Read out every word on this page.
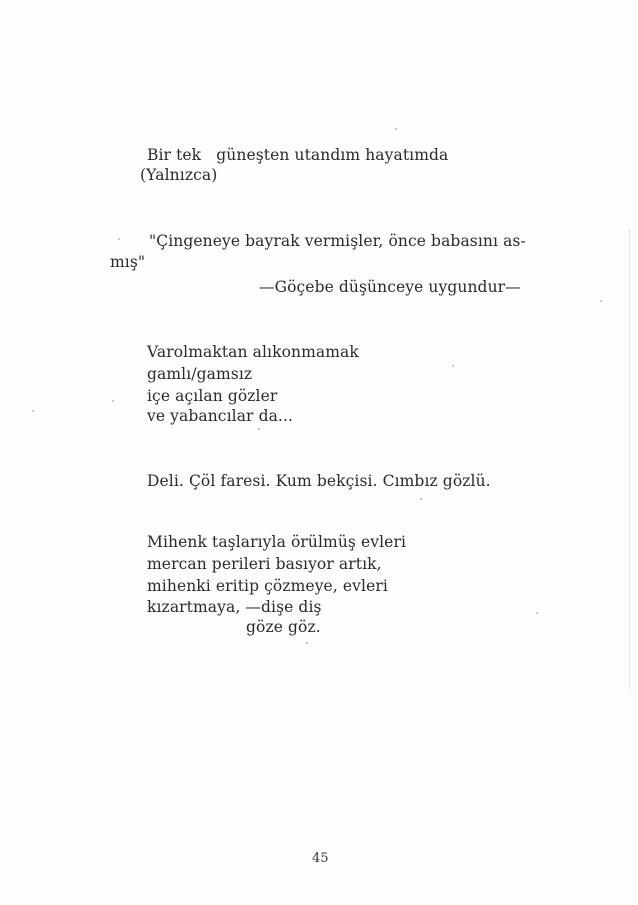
Bir tek   güneşten utandım hayatımda
(Yalnızca)
"Çingeneye bayrak vermişler, önce babasını as-
mış"
—Göçebe düşünceye uygundur—
Varolmaktan alıkonmamak
gamlı/gamsız
içe açılan gözler
ve yabancılar da...
Deli. Çöl faresi. Kum bekçisi. Cımbız gözlü.
Mihenk taşlarıyla örülmüş evleri
mercan perileri basıyor artık,
mihenki eritip çözmeye, evleri
kızartmaya, —dişe diş
göze göz.
45
